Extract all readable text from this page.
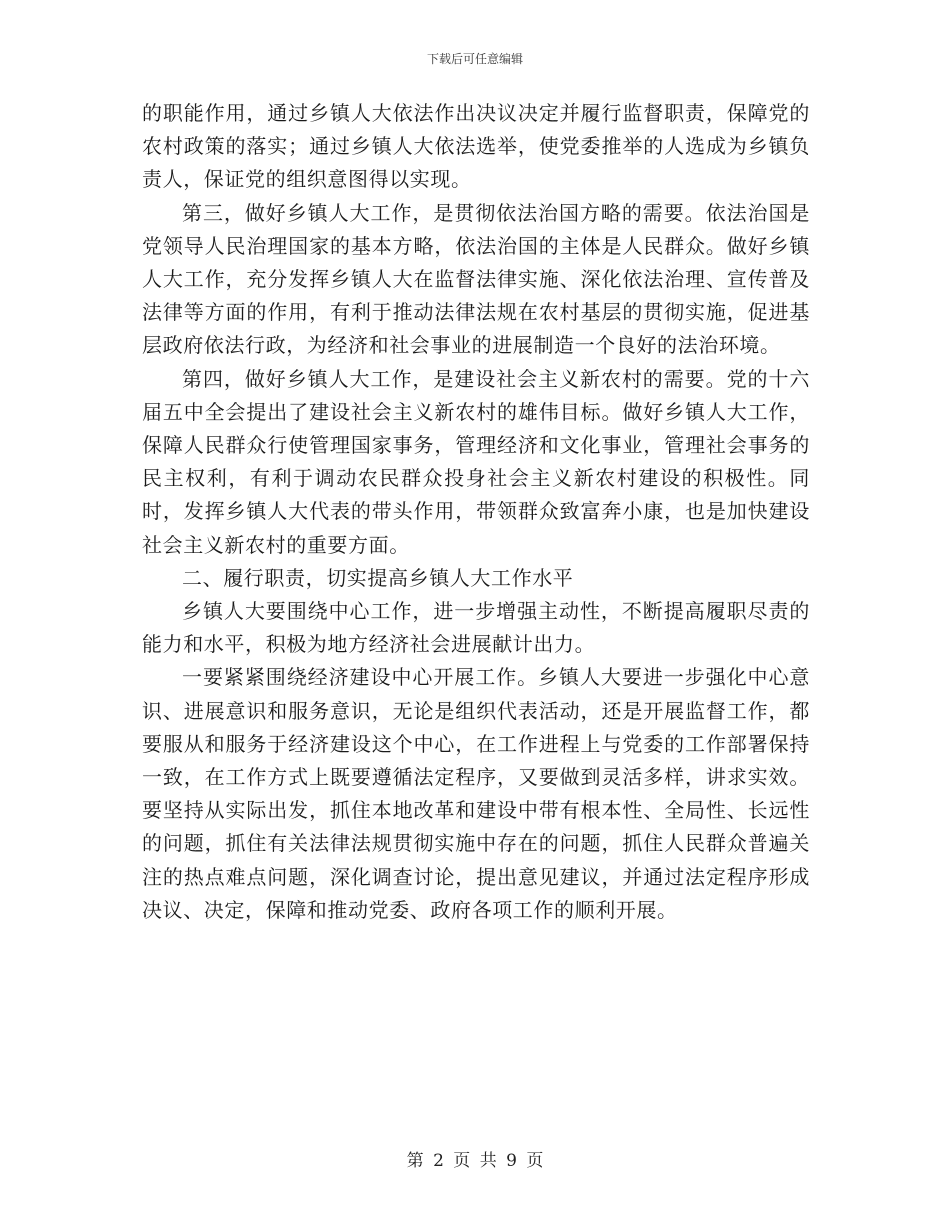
下载后可任意编辑

的职能作用，通过乡镇人大依法作出决议决定并履行监督职责，保障党的农村政策的落实；通过乡镇人大依法选举，使党委推举的人选成为乡镇负责人，保证党的组织意图得以实现。

第三，做好乡镇人大工作，是贯彻依法治国方略的需要。依法治国是党领导人民治理国家的基本方略，依法治国的主体是人民群众。做好乡镇人大工作，充分发挥乡镇人大在监督法律实施、深化依法治理、宣传普及法律等方面的作用，有利于推动法律法规在农村基层的贯彻实施，促进基层政府依法行政，为经济和社会事业的进展制造一个良好的法治环境。

第四，做好乡镇人大工作，是建设社会主义新农村的需要。党的十六届五中全会提出了建设社会主义新农村的雄伟目标。做好乡镇人大工作，保障人民群众行使管理国家事务，管理经济和文化事业，管理社会事务的民主权利，有利于调动农民群众投身社会主义新农村建设的积极性。同时，发挥乡镇人大代表的带头作用，带领群众致富奔小康，也是加快建设社会主义新农村的重要方面。

二、履行职责，切实提高乡镇人大工作水平

乡镇人大要围绕中心工作，进一步增强主动性，不断提高履职尽责的能力和水平，积极为地方经济社会进展献计出力。

一要紧紧围绕经济建设中心开展工作。乡镇人大要进一步强化中心意识、进展意识和服务意识，无论是组织代表活动，还是开展监督工作，都要服从和服务于经济建设这个中心，在工作进程上与党委的工作部署保持一致，在工作方式上既要遵循法定程序，又要做到灵活多样，讲求实效。要坚持从实际出发，抓住本地改革和建设中带有根本性、全局性、长远性的问题，抓住有关法律法规贯彻实施中存在的问题，抓住人民群众普遍关注的热点难点问题，深化调查讨论，提出意见建议，并通过法定程序形成决议、决定，保障和推动党委、政府各项工作的顺利开展。

第 2 页 共 9 页
